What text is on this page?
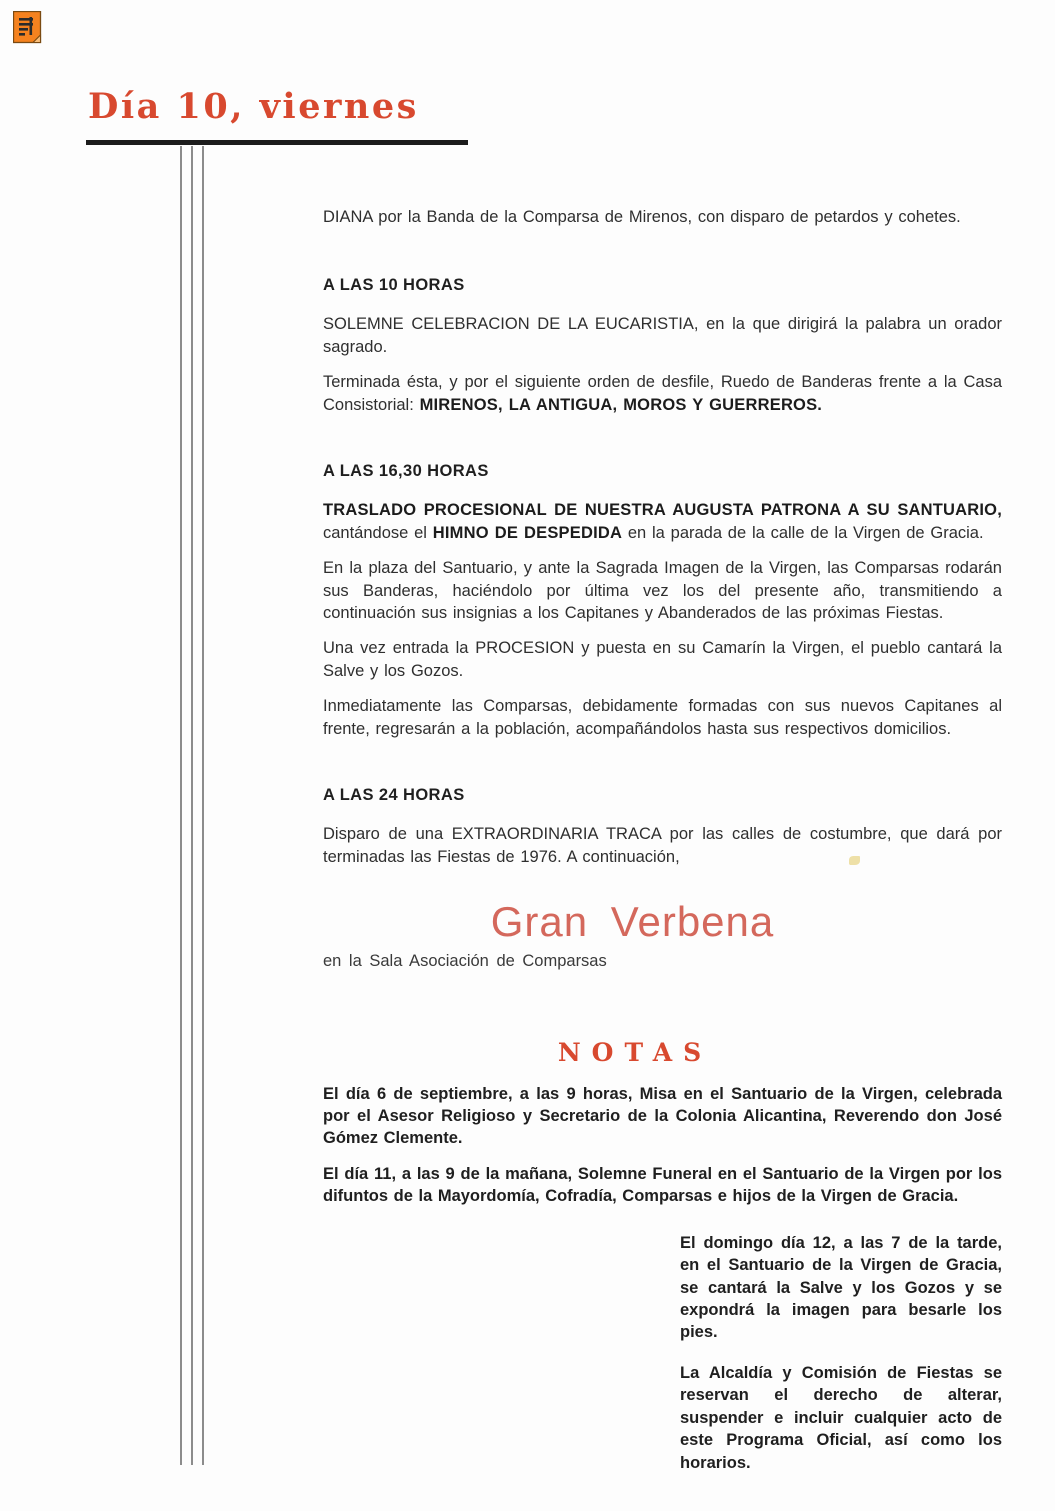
Día 10, viernes

DIANA por la Banda de la Comparsa de Mirenos, con disparo de petardos y cohetes.

A LAS 10 HORAS

SOLEMNE CELEBRACION DE LA EUCARISTIA, en la que dirigirá la palabra un orador sagrado.

Terminada ésta, y por el siguiente orden de desfile, Ruedo de Banderas frente a la Casa Consistorial: MIRENOS, LA ANTIGUA, MOROS Y GUERREROS.

A LAS 16,30 HORAS

TRASLADO PROCESIONAL DE NUESTRA AUGUSTA PATRONA A SU SANTUARIO, cantándose el HIMNO DE DESPEDIDA en la parada de la calle de la Virgen de Gracia.

En la plaza del Santuario, y ante la Sagrada Imagen de la Virgen, las Comparsas rodarán sus Banderas, haciéndolo por última vez los del presente año, transmitiendo a continuación sus insignias a los Capitanes y Abanderados de las próximas Fiestas.

Una vez entrada la PROCESION y puesta en su Camarín la Virgen, el pueblo cantará la Salve y los Gozos.

Inmediatamente las Comparsas, debidamente formadas con sus nuevos Capitanes al frente, regresarán a la población, acompañándolos hasta sus respectivos domicilios.

A LAS 24 HORAS

Disparo de una EXTRAORDINARIA TRACA por las calles de costumbre, que dará por terminadas las Fiestas de 1976. A continuación,

Gran Verbena

en la Sala Asociación de Comparsas

NOTAS

El día 6 de septiembre, a las 9 horas, Misa en el Santuario de la Virgen, celebrada por el Asesor Religioso y Secretario de la Colonia Alicantina, Reverendo don José Gómez Clemente.

El día 11, a las 9 de la mañana, Solemne Funeral en el Santuario de la Virgen por los difuntos de la Mayordomía, Cofradía, Comparsas e hijos de la Virgen de Gracia.

El domingo día 12, a las 7 de la tarde, en el Santuario de la Virgen de Gracia, se cantará la Salve y los Gozos y se expondrá la imagen para besarle los pies.

La Alcaldía y Comisión de Fiestas se reservan el derecho de alterar, suspender e incluir cualquier acto de este Programa Oficial, así como los horarios.
